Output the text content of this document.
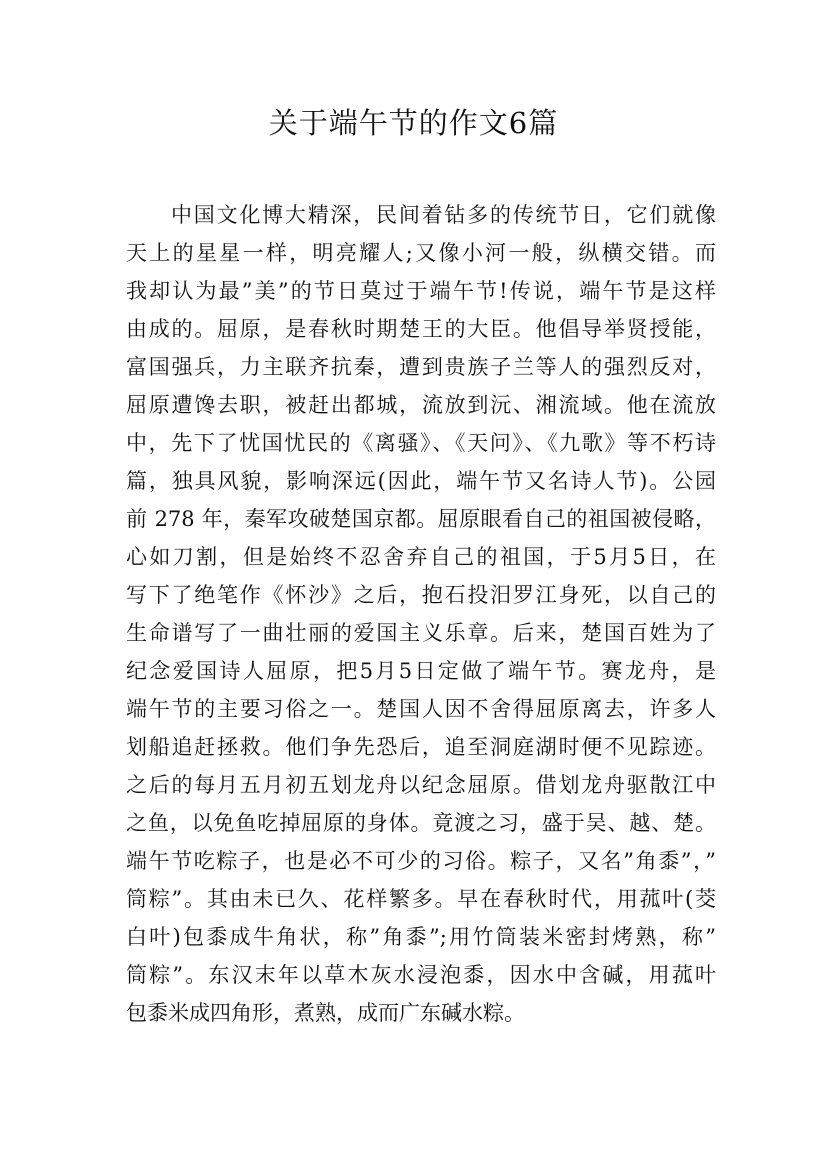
关于端午节的作文6篇
中国文化博大精深，民间着钻多的传统节日，它们就像
天上的星星一样，明亮耀人;又像小河一般，纵横交错。而
我却认为最”美”的节日莫过于端午节!传说，端午节是这样
由成的。屈原，是春秋时期楚王的大臣。他倡导举贤授能，
富国强兵，力主联齐抗秦，遭到贵族子兰等人的强烈反对，
屈原遭馋去职，被赶出都城，流放到沅、湘流域。他在流放
中，先下了忧国忧民的《离骚》、《天问》、《九歌》等不朽诗
篇，独具风貌，影响深远(因此，端午节又名诗人节)。公园
前 278 年，秦军攻破楚国京都。屈原眼看自己的祖国被侵略，
心如刀割，但是始终不忍舍弃自己的祖国，于5月5日，在
写下了绝笔作《怀沙》之后，抱石投汨罗江身死，以自己的
生命谱写了一曲壮丽的爱国主义乐章。后来，楚国百姓为了
纪念爱国诗人屈原，把5月5日定做了端午节。赛龙舟，是
端午节的主要习俗之一。楚国人因不舍得屈原离去，许多人
划船追赶拯救。他们争先恐后，追至洞庭湖时便不见踪迹。
之后的每月五月初五划龙舟以纪念屈原。借划龙舟驱散江中
之鱼，以免鱼吃掉屈原的身体。竟渡之习，盛于吴、越、楚。
端午节吃粽子，也是必不可少的习俗。粽子，又名”角黍”，”
筒粽”。其由未已久、花样繁多。早在春秋时代，用菰叶(茭
白叶)包黍成牛角状，称”角黍”;用竹筒装米密封烤熟，称”
筒粽”。东汉末年以草木灰水浸泡黍，因水中含碱，用菰叶
包黍米成四角形，煮熟，成而广东碱水粽。
